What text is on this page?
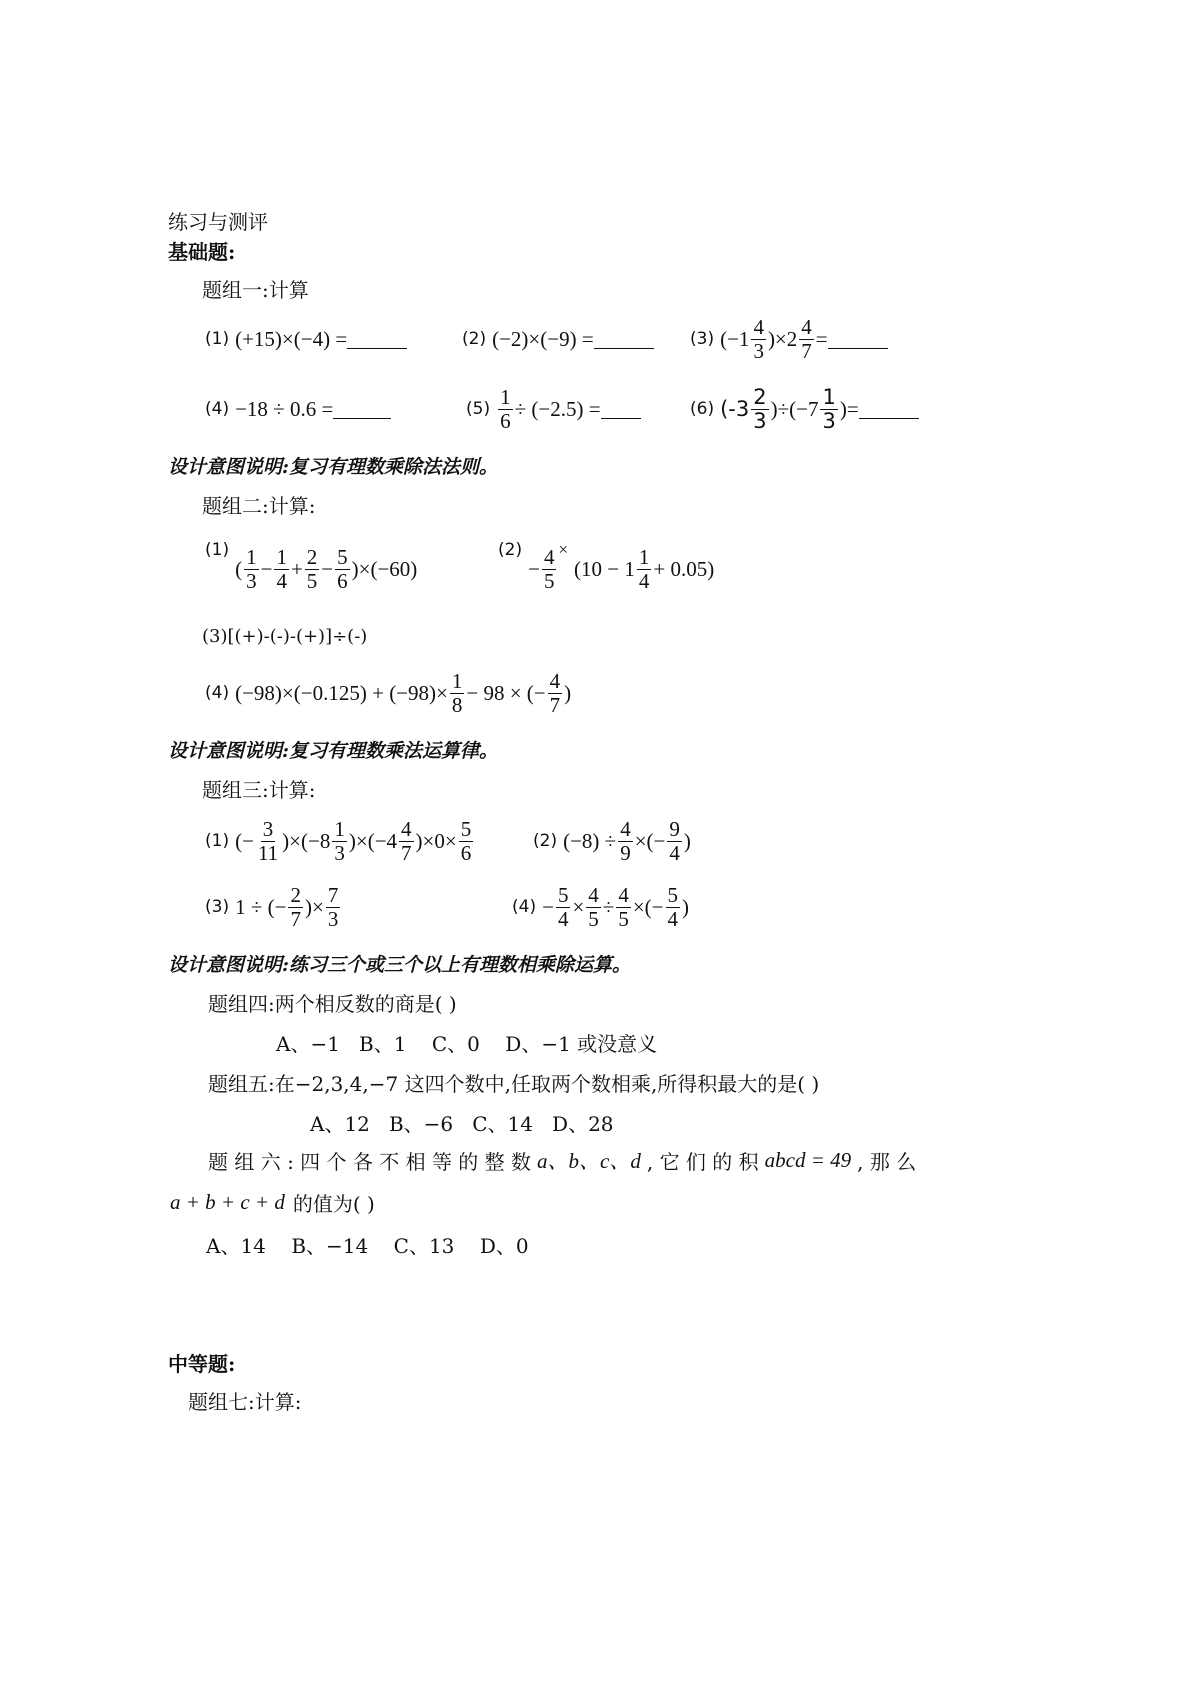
练习与测评
基础题:
题组一:计算
(1) (+15)×(−4) =	(2) (−2)×(−9) =	(3) $(-1 \frac{4}{3} )\times 2 \frac{4}{7}$ =
(4) −18 ÷ 0.6 =	$(5) \frac{1}{6} \div (-2.5)$ =	(6) $(-3 \frac{2}{3} )\div(-7 \frac{1}{3}$ )=
设计意图说明:复习有理数乘除法法则。
题组二:计算:
(1)
( $\frac{1}{3} - \frac{1}{4} + \frac{2}{5} - \frac{5}{6} )\times(-60)$
(2)
− $\frac{4}{5}$ ×
$(10 - 1 \frac{1}{4} + 0.05)$
(3)[(+)-(-)-(+)]÷(-)
(4) $(-98)\times(-0.125) + (-98)\times \frac{1}{8} - 98$ × (− $\frac{4}{7}$ )
设计意图说明:复习有理数乘法运算律。
题组三:计算:
(1) (− $\frac{3}{11} )\times(-8 \frac{1}{3} )\times(-4 \frac{4}{7} )\times 0\times \frac{5}{6}$	(2) $(-8) \div \frac{4}{9}$ ×(− $\frac{9}{4}$ )
(3) 1 ÷ (− $\frac{2}{7}$ )× $\frac{7}{3}$	$(4) - \frac{5}{4} \times \frac{4}{5} \div \frac{4}{5}$ ×(− $\frac{5}{4}$ )
设计意图说明:练习三个或三个以上有理数相乘除运算。
题组四:两个相反数的商是( )
A、−1   B、1    C、0    D、−1 或没意义
题组五:在−2,3,4,−7 这四个数中,任取两个数相乘,所得积最大的是( )
A、12   B、−6   C、14   D、28
题 组 六 : 四 个 各 不 相 等 的 整 数 a、b、c、d , 它 们 的 积 abcd = 49 , 那 么
a + b + c + d 的值为( )
A、14    B、−14    C、13    D、0
中等题:
题组七:计算:
